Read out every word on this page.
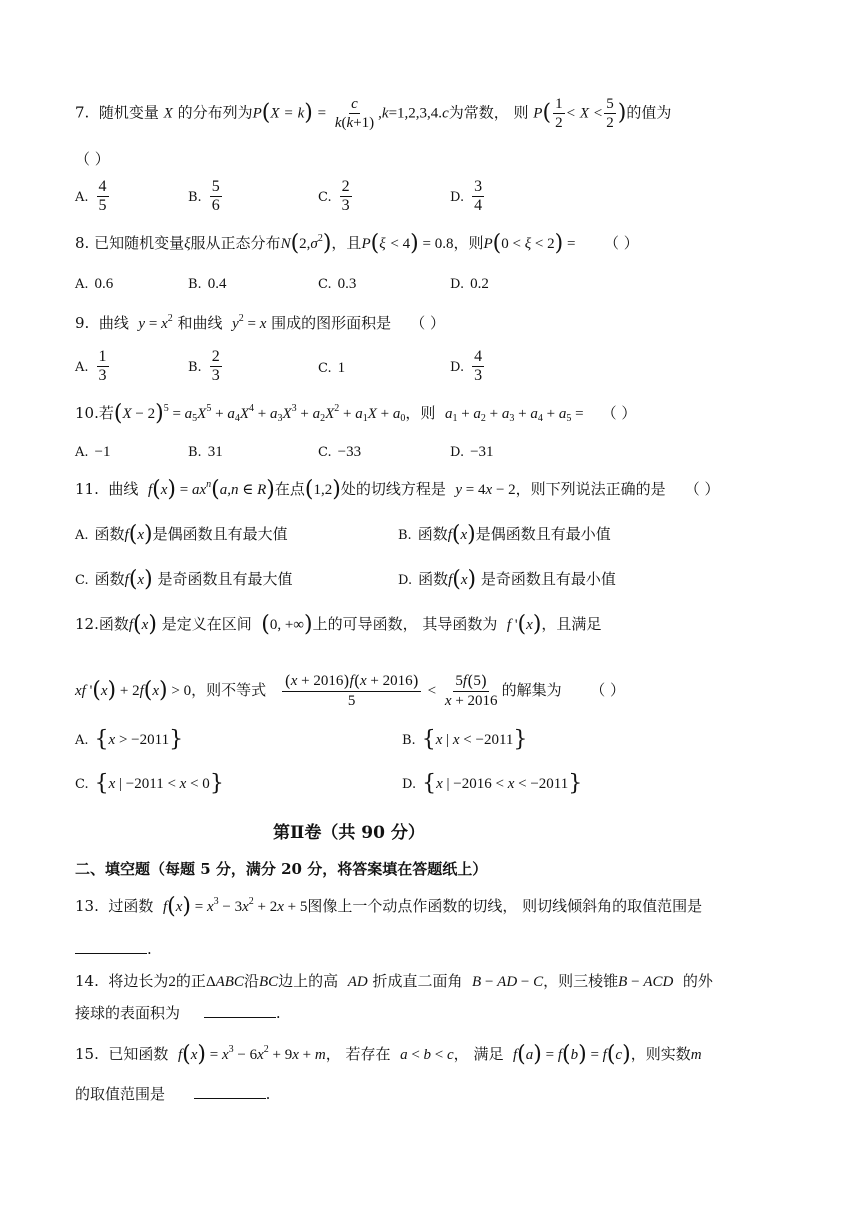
7. 随机变量 X 的分布列为$P(X = k) = \frac{c}{k(k+1)} ,k=1,2,3,4.c$为常数， 则 $P( \frac{1}{2} < X < \frac{5}{2}$ )的值为
（ ）
A. $\frac{4}{5}$	B. $\frac{5}{6}$	C. $\frac{2}{3}$	D. $\frac{3}{4}$
8. 已知随机变量ξ服从正态分布$N(2,\sigma^2)$，且P(ξ < 4) = 0.8，则P(0 < ξ < 2) = （ ）
A. 0.6	B. 0.4	C. 0.3	D. 0.2
9. 曲线 $y = x^2$ 和曲线 $y^2 = x$ 围成的图形面积是 （ ）
A. $\frac{1}{3}$	B. $\frac{2}{3}$	C. 1	D. $\frac{4}{3}$
10.若$(X - 2)^5 = a_5X^5 + a_4X^4 + a_3X^3 + a_2X^2 + a_1X + a_0$，则 $a_1 + a_2 + a_3 + a_4 + a_5$ =    （ ）
A. −1	B. 31	C. −33	D. −31
11. 曲线 $f(x) = ax^n(a,n$ ∈ R)在点(1,2)处的切线方程是 y = 4x − 2，则下列说法正确的是 （ ）
A. 函数f(x)是偶函数且有最大值	B. 函数f(x)是偶函数且有最小值
C. 函数f(x) 是奇函数且有最大值	D. 函数f(x) 是奇函数且有最小值
12.函数f(x) 是定义在区间 (0, +∞)上的可导函数， 其导函数为 f '(x)，且满足
xf '(x) + 2f(x) > 0，则不等式 $\frac{(x + 2016)f(x + 2016)}{5} < \frac{5f(5)}{x + 2016}$ 的解集为 （ ）
A. {x > −2011}	B. {x | x < −2011}
C. {x | −2011 < x < 0}	D. {x | −2016 < x < −2011}
第Ⅱ卷（共 90 分）
二、填空题（每题 5 分，满分 20 分，将答案填在答题纸上）
13. 过函数 $f(x) = x^3 - 3x^2 + 2x + 5$图像上一个动点作函数的切线， 则切线倾斜角的取值范围是
.
14. 将边长为2的正ΔABC沿BC边上的高 AD 折成直二面角 B − AD − C，则三棱锥B − ACD 的外
接球的表面积为	.
15. 已知函数 $f(x) = x^3 - 6x^2 + 9x + m$， 若存在 a < b < c， 满足 f(a) = f(b) = f(c)，则实数m
的取值范围是	.
